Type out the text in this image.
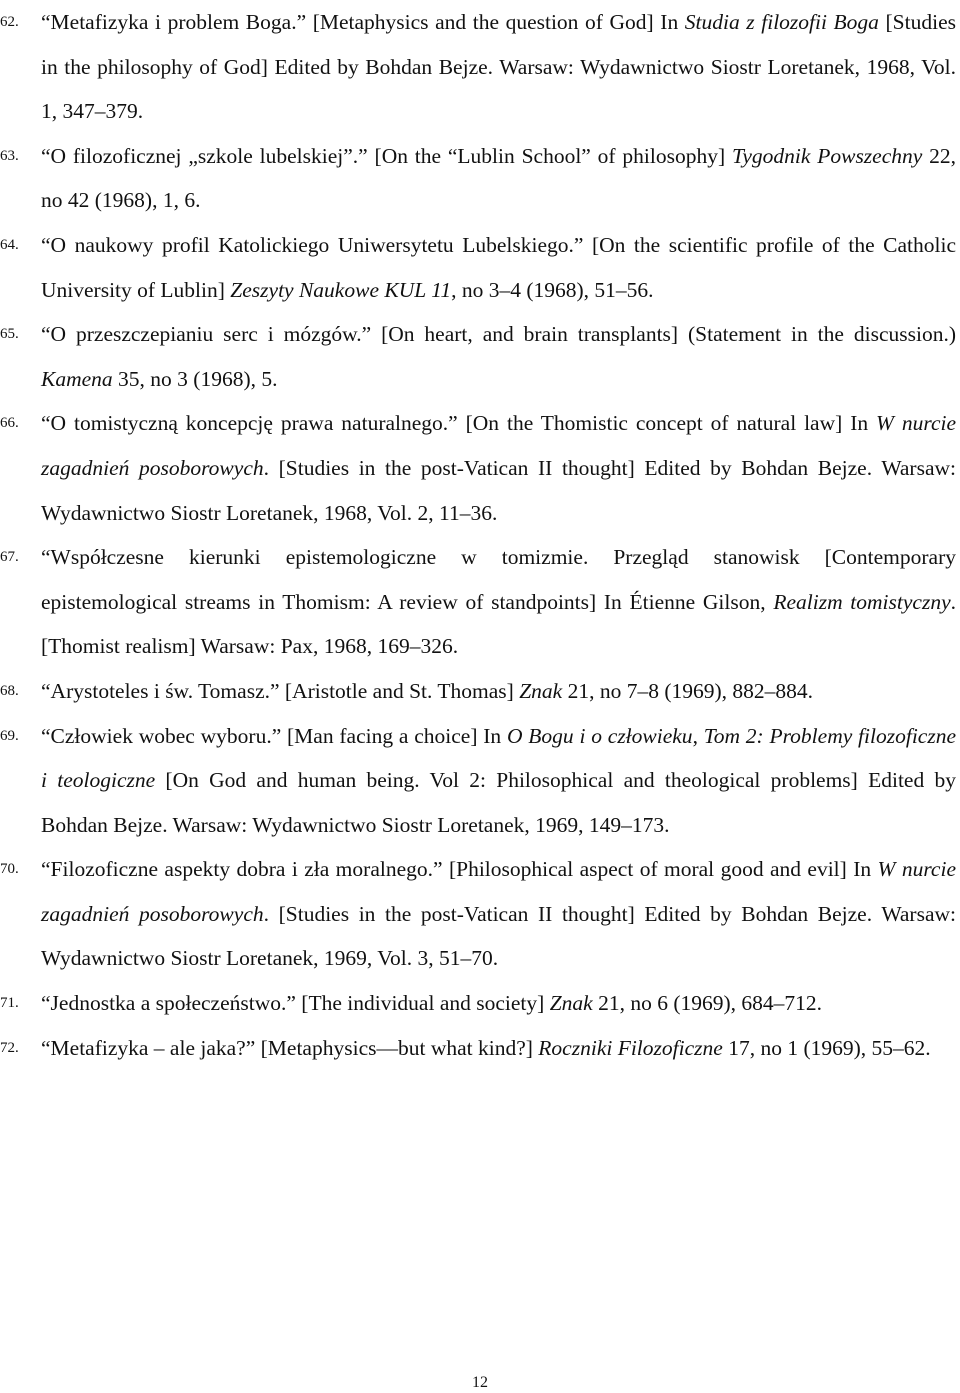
62.	“Metafizyka i problem Boga.” [Metaphysics and the question of God] In Studia z filozofii Boga [Studies in the philosophy of God] Edited by Bohdan Bejze. Warsaw: Wydawnictwo Siostr Loretanek, 1968, Vol. 1, 347–379.

63.	“O filozoficznej „szkole lubelskiej”.” [On the “Lublin School” of philosophy] Tygodnik Powszechny 22, no 42 (1968), 1, 6.

64.	“O naukowy profil Katolickiego Uniwersytetu Lubelskiego.” [On the scientific profile of the Catholic University of Lublin] Zeszyty Naukowe KUL 11, no 3–4 (1968), 51–56.

65.	“O przeszczepianiu serc i mózgów.” [On heart, and brain transplants] (Statement in the discussion.) Kamena 35, no 3 (1968), 5.

66.	“O tomistyczną koncepcję prawa naturalnego.” [On the Thomistic concept of natural law] In W nurcie zagadnień posoborowych. [Studies in the post-Vatican II thought] Edited by Bohdan Bejze. Warsaw: Wydawnictwo Siostr Loretanek, 1968, Vol. 2, 11–36.

67.	“Współczesne kierunki epistemologiczne w tomizmie. Przegląd stanowisk [Contemporary epistemological streams in Thomism: A review of standpoints] In Étienne Gilson, Realizm tomistyczny. [Thomist realism] Warsaw: Pax, 1968, 169–326.

68.	“Arystoteles i św. Tomasz.” [Aristotle and St. Thomas] Znak 21, no 7–8 (1969), 882–884.

69.	“Człowiek wobec wyboru.” [Man facing a choice] In O Bogu i o człowieku, Tom 2: Problemy filozoficzne i teologiczne [On God and human being. Vol 2: Philosophical and theological problems] Edited by Bohdan Bejze. Warsaw: Wydawnictwo Siostr Loretanek, 1969, 149–173.

70.	“Filozoficzne aspekty dobra i zła moralnego.” [Philosophical aspect of moral good and evil] In W nurcie zagadnień posoborowych. [Studies in the post-Vatican II thought] Edited by Bohdan Bejze. Warsaw: Wydawnictwo Siostr Loretanek, 1969, Vol. 3, 51–70.

71.	“Jednostka a społeczeństwo.” [The individual and society] Znak 21, no 6 (1969), 684–712.

72.	“Metafizyka – ale jaka?” [Metaphysics—but what kind?] Roczniki Filozoficzne 17, no 1 (1969), 55–62.

12
